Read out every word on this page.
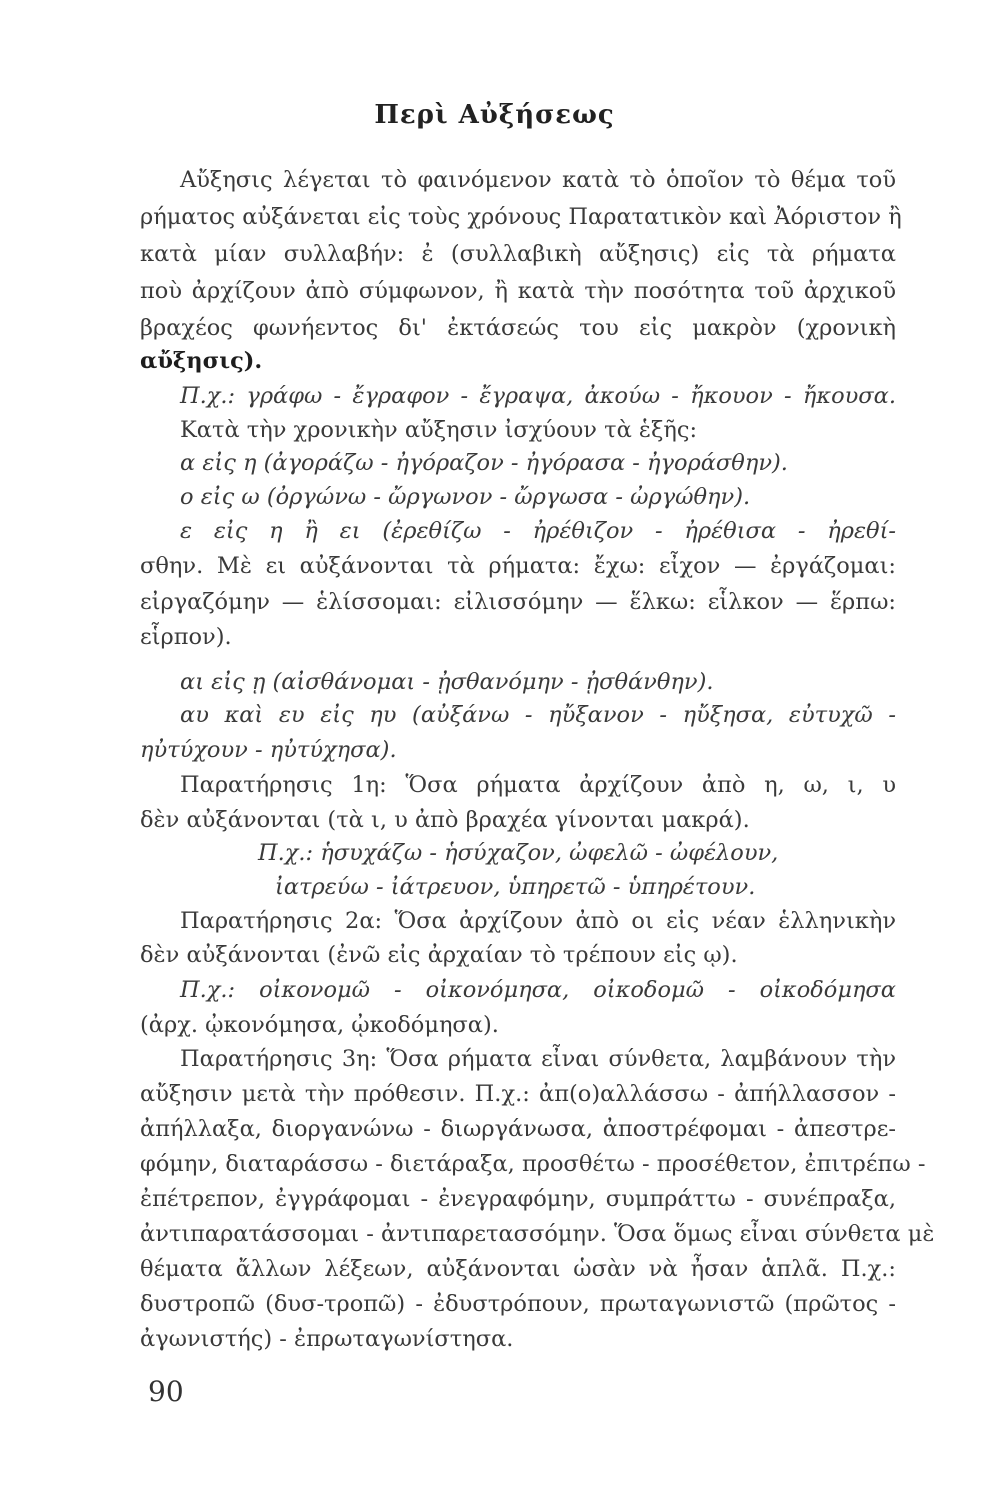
Περὶ Αὐξήσεως
Αὔξησις λέγεται τὸ φαινόμενον κατὰ τὸ ὁποῖον τὸ θέμα τοῦ
ρήματος αὐξάνεται εἰς τοὺς χρόνους Παρατατικὸν καὶ Ἀόριστον ἢ
κατὰ μίαν συλλαβήν: ἐ (συλλαβικὴ αὔξησις) εἰς τὰ ρήματα
ποὺ ἀρχίζουν ἀπὸ σύμφωνον, ἢ κατὰ τὴν ποσότητα τοῦ ἀρχικοῦ
βραχέος φωνήεντος δι' ἐκτάσεώς του εἰς μακρὸν (χρονικὴ
αὔξησις).
Π.χ.: γράφω - ἔγραφον - ἔγραψα, ἀκούω - ἤκουον - ἤκουσα.
Κατὰ τὴν χρονικὴν αὔξησιν ἰσχύουν τὰ ἑξῆς:
α εἰς η (ἀγοράζω - ἠγόραζον - ἠγόρασα - ἠγοράσθην).
ο εἰς ω (ὀργώνω - ὤργωνον - ὤργωσα - ὠργώθην).
ε εἰς η ἢ ει (ἐρεθίζω - ἠρέθιζον - ἠρέθισα - ἠρεθί-
σθην. Μὲ ει αὐξάνονται τὰ ρήματα: ἔχω: εἶχον — ἐργάζομαι:
εἰργαζόμην — ἑλίσσομαι: εἰλισσόμην — ἕλκω: εἷλκον — ἕρπω:
εἷρπον).
αι εἰς ῃ (αἰσθάνομαι - ᾐσθανόμην - ᾐσθάνθην).
αυ καὶ ευ εἰς ηυ (αὐξάνω - ηὔξανον - ηὔξησα, εὐτυχῶ -
ηὐτύχουν - ηὐτύχησα).
Παρατήρησις 1η: Ὅσα ρήματα ἀρχίζουν ἀπὸ η, ω, ι, υ
δὲν αὐξάνονται (τὰ ι, υ ἀπὸ βραχέα γίνονται μακρά).
Π.χ.: ἡσυχάζω - ἡσύχαζον, ὠφελῶ - ὠφέλουν,
ἰατρεύω - ἰάτρευον, ὑπηρετῶ - ὑπηρέτουν.
Παρατήρησις 2α: Ὅσα ἀρχίζουν ἀπὸ οι εἰς νέαν ἑλληνικὴν
δὲν αὐξάνονται (ἐνῶ εἰς ἀρχαίαν τὸ τρέπουν εἰς ῳ).
Π.χ.: οἰκονομῶ - οἰκονόμησα, οἰκοδομῶ - οἰκοδόμησα
(ἀρχ. ᾠκονόμησα, ᾠκοδόμησα).
Παρατήρησις 3η: Ὅσα ρήματα εἶναι σύνθετα, λαμβάνουν τὴν
αὔξησιν μετὰ τὴν πρόθεσιν. Π.χ.: ἀπ(ο)αλλάσσω - ἀπήλλασσον -
ἀπήλλαξα, διοργανώνω - διωργάνωσα, ἀποστρέφομαι - ἀπεστρε-
φόμην, διαταράσσω - διετάραξα, προσθέτω - προσέθετον, ἐπιτρέπω -
ἐπέτρεπον, ἐγγράφομαι - ἐνεγραφόμην, συμπράττω - συνέπραξα,
ἀντιπαρατάσσομαι - ἀντιπαρετασσόμην. Ὅσα ὅμως εἶναι σύνθετα μὲ
θέματα ἄλλων λέξεων, αὐξάνονται ὡσὰν νὰ ἦσαν ἁπλᾶ. Π.χ.:
δυστροπῶ (δυσ-τροπῶ) - ἐδυστρόπουν, πρωταγωνιστῶ (πρῶτος -
ἀγωνιστής) - ἐπρωταγωνίστησα.
90
